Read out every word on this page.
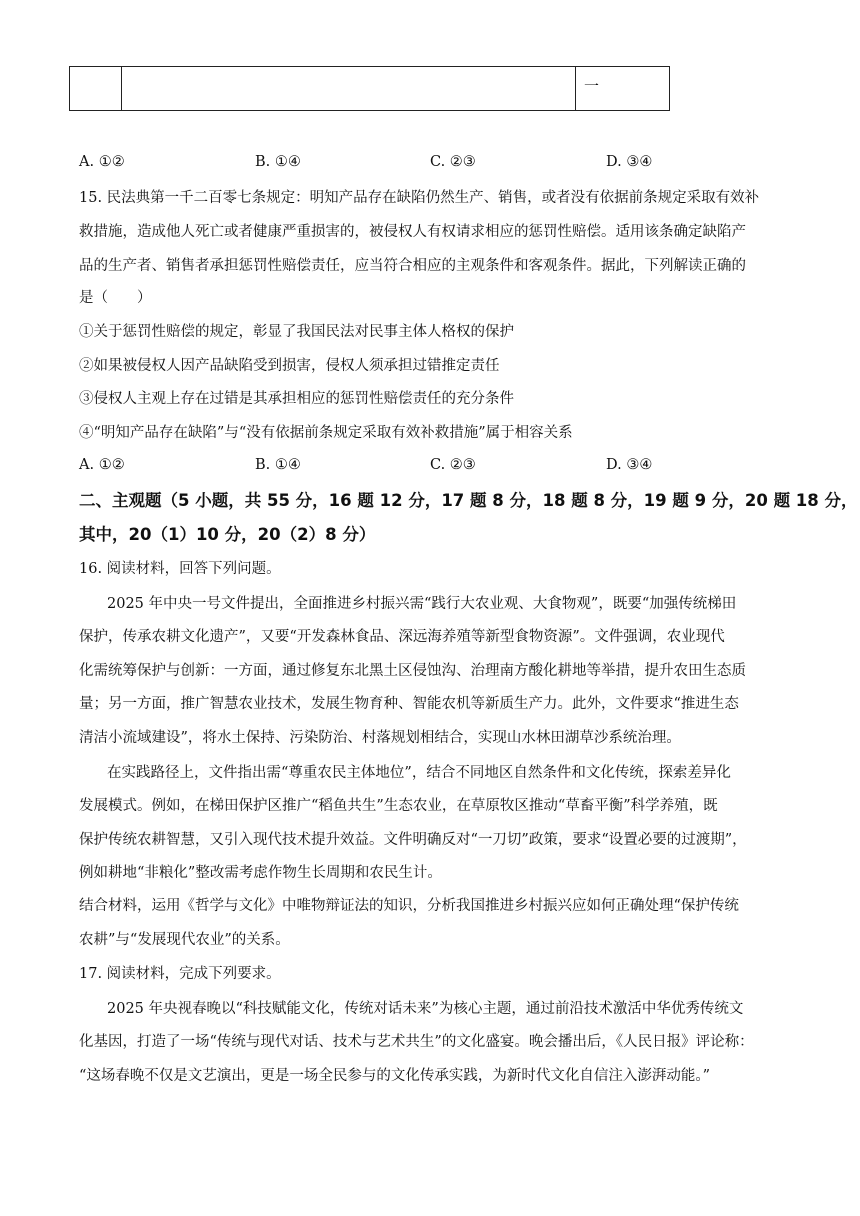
一
A. ①②	B. ①④	C. ②③	D. ③④
15. 民法典第一千二百零七条规定：明知产品存在缺陷仍然生产、销售，或者没有依据前条规定采取有效补
救措施，造成他人死亡或者健康严重损害的，被侵权人有权请求相应的惩罚性赔偿。适用该条确定缺陷产
品的生产者、销售者承担惩罚性赔偿责任，应当符合相应的主观条件和客观条件。据此，下列解读正确的
是（　　）
①关于惩罚性赔偿的规定，彰显了我国民法对民事主体人格权的保护
②如果被侵权人因产品缺陷受到损害，侵权人须承担过错推定责任
③侵权人主观上存在过错是其承担相应的惩罚性赔偿责任的充分条件
④“明知产品存在缺陷”与“没有依据前条规定采取有效补救措施”属于相容关系
A. ①②	B. ①④	C. ②③	D. ③④
二、主观题（5 小题，共 55 分，16 题 12 分，17 题 8 分，18 题 8 分，19 题 9 分，20 题 18 分，
其中，20（1）10 分，20（2）8 分）
16. 阅读材料，回答下列问题。
2025 年中央一号文件提出，全面推进乡村振兴需“践行大农业观、大食物观”，既要“加强传统梯田
保护，传承农耕文化遗产”，又要“开发森林食品、深远海养殖等新型食物资源”。文件强调，农业现代
化需统筹保护与创新：一方面，通过修复东北黑土区侵蚀沟、治理南方酸化耕地等举措，提升农田生态质
量；另一方面，推广智慧农业技术，发展生物育种、智能农机等新质生产力。此外，文件要求“推进生态
清洁小流域建设”，将水土保持、污染防治、村落规划相结合，实现山水林田湖草沙系统治理。
在实践路径上，文件指出需“尊重农民主体地位”，结合不同地区自然条件和文化传统，探索差异化
发展模式。例如，在梯田保护区推广“稻鱼共生”生态农业，在草原牧区推动“草畜平衡”科学养殖，既
保护传统农耕智慧，又引入现代技术提升效益。文件明确反对“一刀切”政策，要求“设置必要的过渡期”，
例如耕地“非粮化”整改需考虑作物生长周期和农民生计。
结合材料，运用《哲学与文化》中唯物辩证法的知识，分析我国推进乡村振兴应如何正确处理“保护传统
农耕”与“发展现代农业”的关系。
17. 阅读材料，完成下列要求。
2025 年央视春晚以“科技赋能文化，传统对话未来”为核心主题，通过前沿技术激活中华优秀传统文
化基因，打造了一场“传统与现代对话、技术与艺术共生”的文化盛宴。晚会播出后，《人民日报》评论称：
“这场春晚不仅是文艺演出，更是一场全民参与的文化传承实践，为新时代文化自信注入澎湃动能。”
